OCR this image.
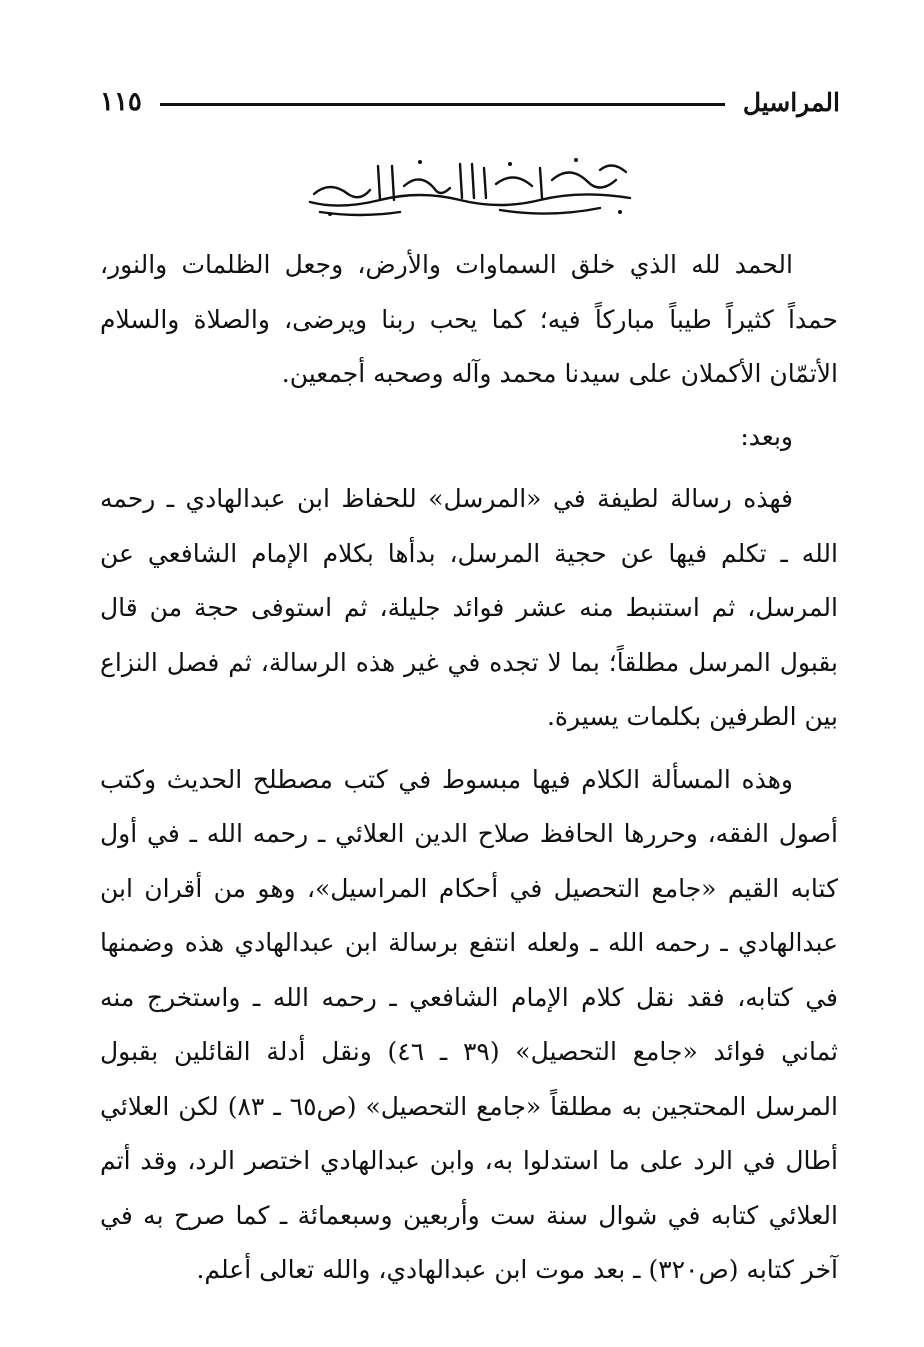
المراسيل
١١٥

الحمد لله الذي خلق السماوات والأرض، وجعل الظلمات والنور، حمداً كثيراً طيباً مباركاً فيه؛ كما يحب ربنا ويرضى، والصلاة والسلام الأتمّان الأكملان على سيدنا محمد وآله وصحبه أجمعين.

وبعد:

فهذه رسالة لطيفة في «المرسل» للحفاظ ابن عبدالهادي ـ رحمه الله ـ تكلم فيها عن حجية المرسل، بدأها بكلام الإمام الشافعي عن المرسل، ثم استنبط منه عشر فوائد جليلة، ثم استوفى حجة من قال بقبول المرسل مطلقاً؛ بما لا تجده في غير هذه الرسالة، ثم فصل النزاع بين الطرفين بكلمات يسيرة.

وهذه المسألة الكلام فيها مبسوط في كتب مصطلح الحديث وكتب أصول الفقه، وحررها الحافظ صلاح الدين العلائي ـ رحمه الله ـ في أول كتابه القيم «جامع التحصيل في أحكام المراسيل»، وهو من أقران ابن عبدالهادي ـ رحمه الله ـ ولعله انتفع برسالة ابن عبدالهادي هذه وضمنها في كتابه، فقد نقل كلام الإمام الشافعي ـ رحمه الله ـ واستخرج منه ثماني فوائد «جامع التحصيل» (٣٩ ـ ٤٦) ونقل أدلة القائلين بقبول المرسل المحتجين به مطلقاً «جامع التحصيل» (ص٦٥ ـ ٨٣) لكن العلائي أطال في الرد على ما استدلوا به، وابن عبدالهادي اختصر الرد، وقد أتم العلائي كتابه في شوال سنة ست وأربعين وسبعمائة ـ كما صرح به في آخر كتابه (ص٣٢٠) ـ بعد موت ابن عبدالهادي، والله تعالى أعلم.
